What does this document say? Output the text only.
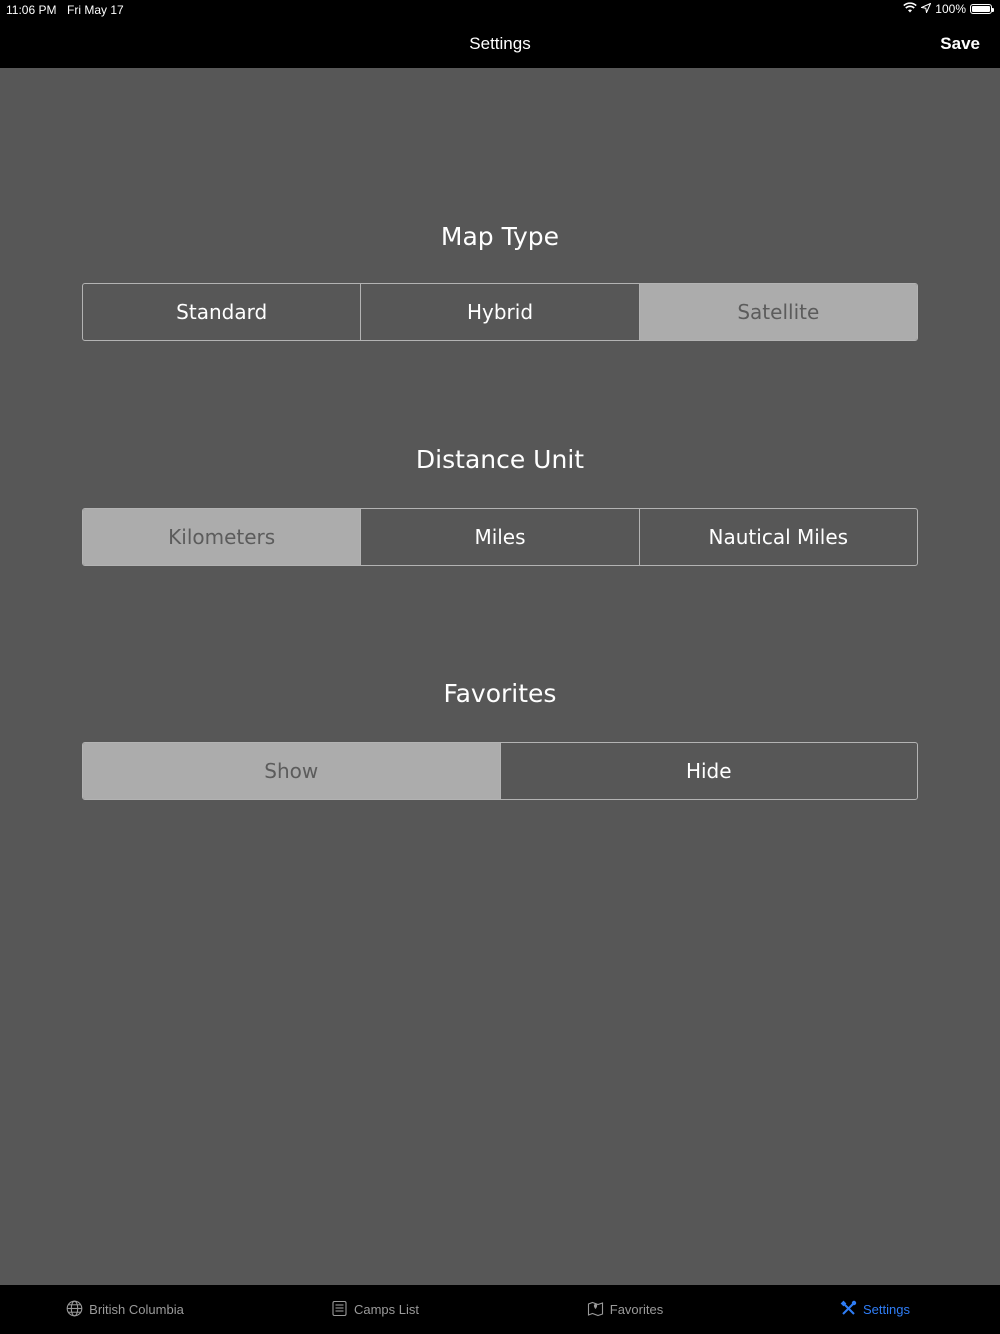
11:06 PM Fri May 17	100%
Settings	Save
Map Type
Standard	Hybrid	Satellite
Distance Unit
Kilometers	Miles	Nautical Miles
Favorites
Show	Hide
British Columbia	Camps List	Favorites	Settings
